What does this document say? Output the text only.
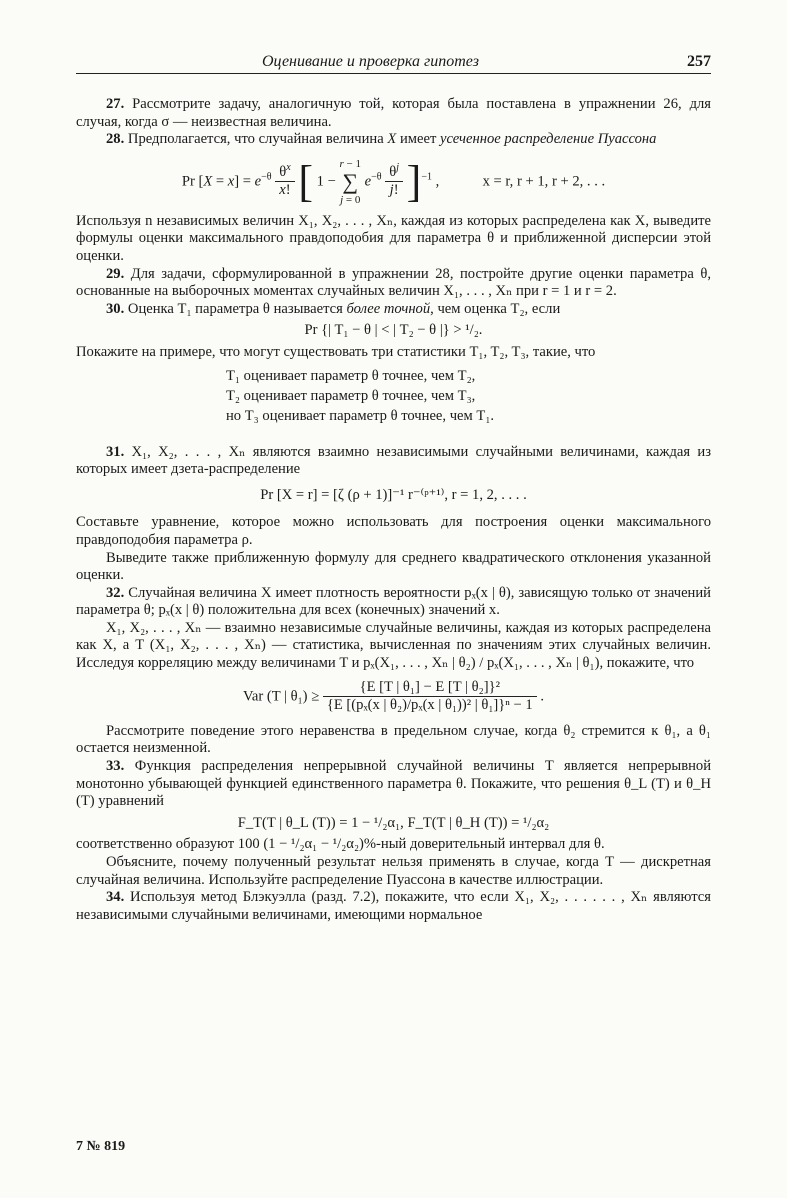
Оценивание и проверка гипотез	257

27. Рассмотрите задачу, аналогичную той, которая была поставлена в упражнении 26, для случая, когда σ — неизвестная величина.

28. Предполагается, что случайная величина X имеет усеченное распределение Пуассона

Pr $[X = x] = e^{-\theta} \frac{\theta^x}{x!}$ [ 1 −
r − 1
∑
j = 0
$e^{-\theta} \frac{\theta^j}{j!} ]^{-1}$ ,	x = r, r + 1, r + 2, . . .

Используя n независимых величин X₁, X₂, . . . , Xₙ, каждая из которых распределена как X, выведите формулы оценки максимального правдоподобия для параметра θ и приближенной дисперсии этой оценки.

29. Для задачи, сформулированной в упражнении 28, постройте другие оценки параметра θ, основанные на выборочных моментах случайных величин X₁, . . . , Xₙ при r = 1 и r = 2.

30. Оценка T₁ параметра θ называется более точной, чем оценка T₂, если

Pr {| T₁ − θ | < | T₂ − θ |} > ¹/₂.

Покажите на примере, что могут существовать три статистики T₁, T₂, T₃, такие, что

T₁ оценивает параметр θ точнее, чем T₂,
T₂ оценивает параметр θ точнее, чем T₃,
но T₃ оценивает параметр θ точнее, чем T₁.

31. X₁, X₂, . . . , Xₙ являются взаимно независимыми случайными величинами, каждая из которых имеет дзета-распределение

Pr [X = r] = [ζ (ρ + 1)]⁻¹ r⁻⁽ᵖ⁺¹⁾, r = 1, 2, . . . .

Составьте уравнение, которое можно использовать для построения оценки максимального правдоподобия параметра ρ.

Выведите также приближенную формулу для среднего квадратического отклонения указанной оценки.

32. Случайная величина X имеет плотность вероятности pₓ(x | θ), зависящую только от значений параметра θ; pₓ(x | θ) положительна для всех (конечных) значений x.

X₁, X₂, . . . , Xₙ — взаимно независимые случайные величины, каждая из которых распределена как X, а T (X₁, X₂, . . . , Xₙ) — статистика, вычисленная по значениям этих случайных величин. Исследуя корреляцию между величинами T и pₓ(X₁, . . . , Xₙ | θ₂) / pₓ(X₁, . . . , Xₙ | θ₁), покажите, что

Var (T | $\theta_1) \ge \frac{\text{\{E [T | θ₁] − E [T | θ₂]\}²}}{\text{\{E [(pₓ(x | θ₂)/pₓ(x | θ₁))² | θ₁]\}ⁿ − 1}}$ .

Рассмотрите поведение этого неравенства в предельном случае, когда θ₂ стремится к θ₁, а θ₁ остается неизменной.

33. Функция распределения непрерывной случайной величины T является непрерывной монотонно убывающей функцией единственного параметра θ. Покажите, что решения θ_L (T) и θ_H (T) уравнений

F_T(T | θ_L (T)) = 1 − ¹/₂α₁, F_T(T | θ_H (T)) = ¹/₂α₂

соответственно образуют 100 (1 − ¹/₂α₁ − ¹/₂α₂)%-ный доверительный интервал для θ.

Объясните, почему полученный результат нельзя применять в случае, когда T — дискретная случайная величина. Используйте распределение Пуассона в качестве иллюстрации.

34. Используя метод Блэкуэлла (разд. 7.2), покажите, что если X₁, X₂, . . . . . . , Xₙ являются независимыми случайными величинами, имеющими нормальное

7 № 819
